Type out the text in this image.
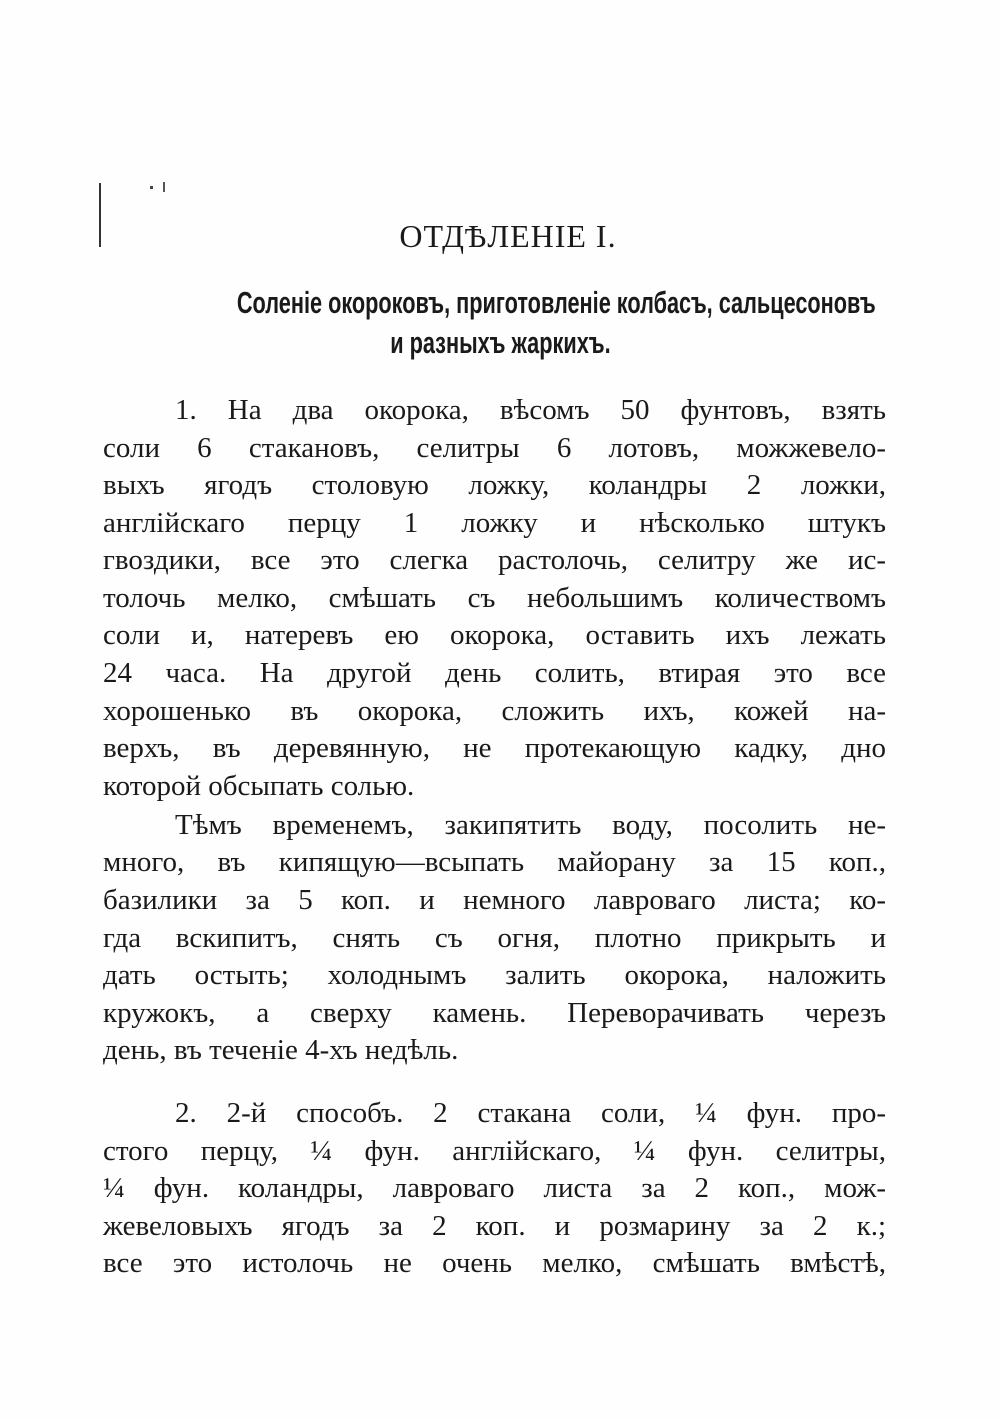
ОТДѢЛЕНІЕ I.
Соленіе окороковъ, приготовленіе колбасъ, сальцесоновъ
и разныхъ жаркихъ.
1. На два окорока, вѣсомъ 50 фунтовъ, взять
соли 6 стакановъ, селитры 6 лотовъ, можжевело-
выхъ ягодъ столовую ложку, коландры 2 ложки,
англійскаго перцу 1 ложку и нѣсколько штукъ
гвоздики, все это слегка растолочь, селитру же ис-
толочь мелко, смѣшать съ небольшимъ количествомъ
соли и, натеревъ ею окорока, оставить ихъ лежать
24 часа. На другой день солить, втирая это все
хорошенько въ окорока, сложить ихъ, кожей на-
верхъ, въ деревянную, не протекающую кадку, дно
которой обсыпать солью.
Тѣмъ временемъ, закипятить воду, посолить не-
много, въ кипящую—всыпать майорану за 15 коп.,
базилики за 5 коп. и немного лавроваго листа; ко-
гда вскипитъ, снять съ огня, плотно прикрыть и
дать остыть; холоднымъ залить окорока, наложить
кружокъ, а сверху камень. Переворачивать черезъ
день, въ теченіе 4-хъ недѣль.
2. 2-й способъ. 2 стакана соли, ¼ фун. про-
стого перцу, ¼ фун. англійскаго, ¼ фун. селитры,
¼ фун. коландры, лавроваго листа за 2 коп., мож-
жевеловыхъ ягодъ за 2 коп. и розмарину за 2 к.;
все это истолочь не очень мелко, смѣшать вмѣстѣ,
